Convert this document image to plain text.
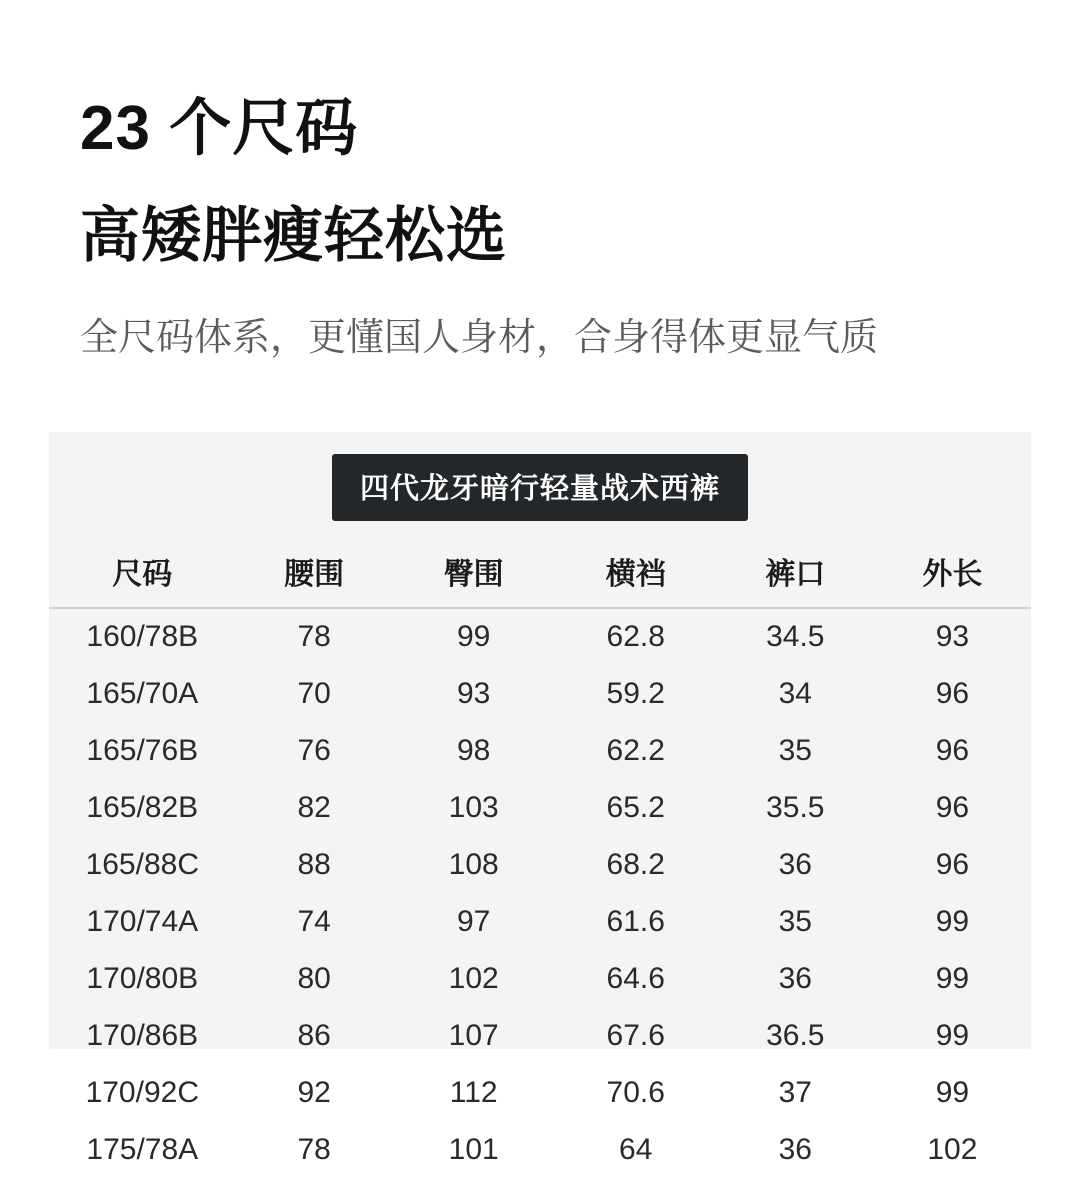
23 个尺码
高矮胖瘦轻松选

全尺码体系，更懂国人身材，合身得体更显气质

四代龙牙暗行轻量战术西裤
尺码	腰围	臀围	横裆	裤口	外长
160/78B	78	99	62.8	34.5	93
165/70A	70	93	59.2	34	96
165/76B	76	98	62.2	35	96
165/82B	82	103	65.2	35.5	96
165/88C	88	108	68.2	36	96
170/74A	74	97	61.6	35	99
170/80B	80	102	64.6	36	99
170/86B	86	107	67.6	36.5	99
170/92C	92	112	70.6	37	99
175/78A	78	101	64	36	102
